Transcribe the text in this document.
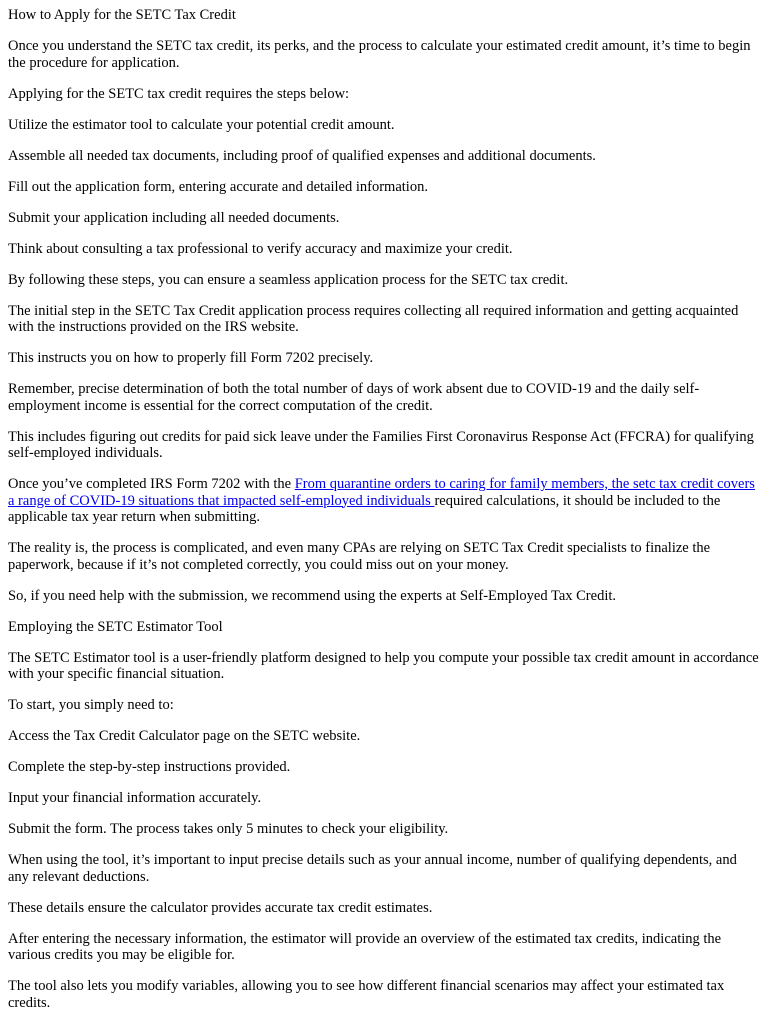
How to Apply for the SETC Tax Credit

Once you understand the SETC tax credit, its perks, and the process to calculate your estimated credit amount, it’s time to begin the procedure for application.

Applying for the SETC tax credit requires the steps below:

Utilize the estimator tool to calculate your potential credit amount.

Assemble all needed tax documents, including proof of qualified expenses and additional documents.

Fill out the application form, entering accurate and detailed information.

Submit your application including all needed documents.

Think about consulting a tax professional to verify accuracy and maximize your credit.

By following these steps, you can ensure a seamless application process for the SETC tax credit.

The initial step in the SETC Tax Credit application process requires collecting all required information and getting acquainted with the instructions provided on the IRS website.

This instructs you on how to properly fill Form 7202 precisely.

Remember, precise determination of both the total number of days of work absent due to COVID-19 and the daily self-employment income is essential for the correct computation of the credit.

This includes figuring out credits for paid sick leave under the Families First Coronavirus Response Act (FFCRA) for qualifying self-employed individuals.

Once you’ve completed IRS Form 7202 with the From quarantine orders to caring for family members, the setc tax credit covers a range of COVID-19 situations that impacted self-employed individuals required calculations, it should be included to the applicable tax year return when submitting.

The reality is, the process is complicated, and even many CPAs are relying on SETC Tax Credit specialists to finalize the paperwork, because if it’s not completed correctly, you could miss out on your money.

So, if you need help with the submission, we recommend using the experts at Self-Employed Tax Credit.

Employing the SETC Estimator Tool

The SETC Estimator tool is a user-friendly platform designed to help you compute your possible tax credit amount in accordance with your specific financial situation.

To start, you simply need to:

Access the Tax Credit Calculator page on the SETC website.

Complete the step-by-step instructions provided.

Input your financial information accurately.

Submit the form. The process takes only 5 minutes to check your eligibility.

When using the tool, it’s important to input precise details such as your annual income, number of qualifying dependents, and any relevant deductions.

These details ensure the calculator provides accurate tax credit estimates.

After entering the necessary information, the estimator will provide an overview of the estimated tax credits, indicating the various credits you may be eligible for.

The tool also lets you modify variables, allowing you to see how different financial scenarios may affect your estimated tax credits.
